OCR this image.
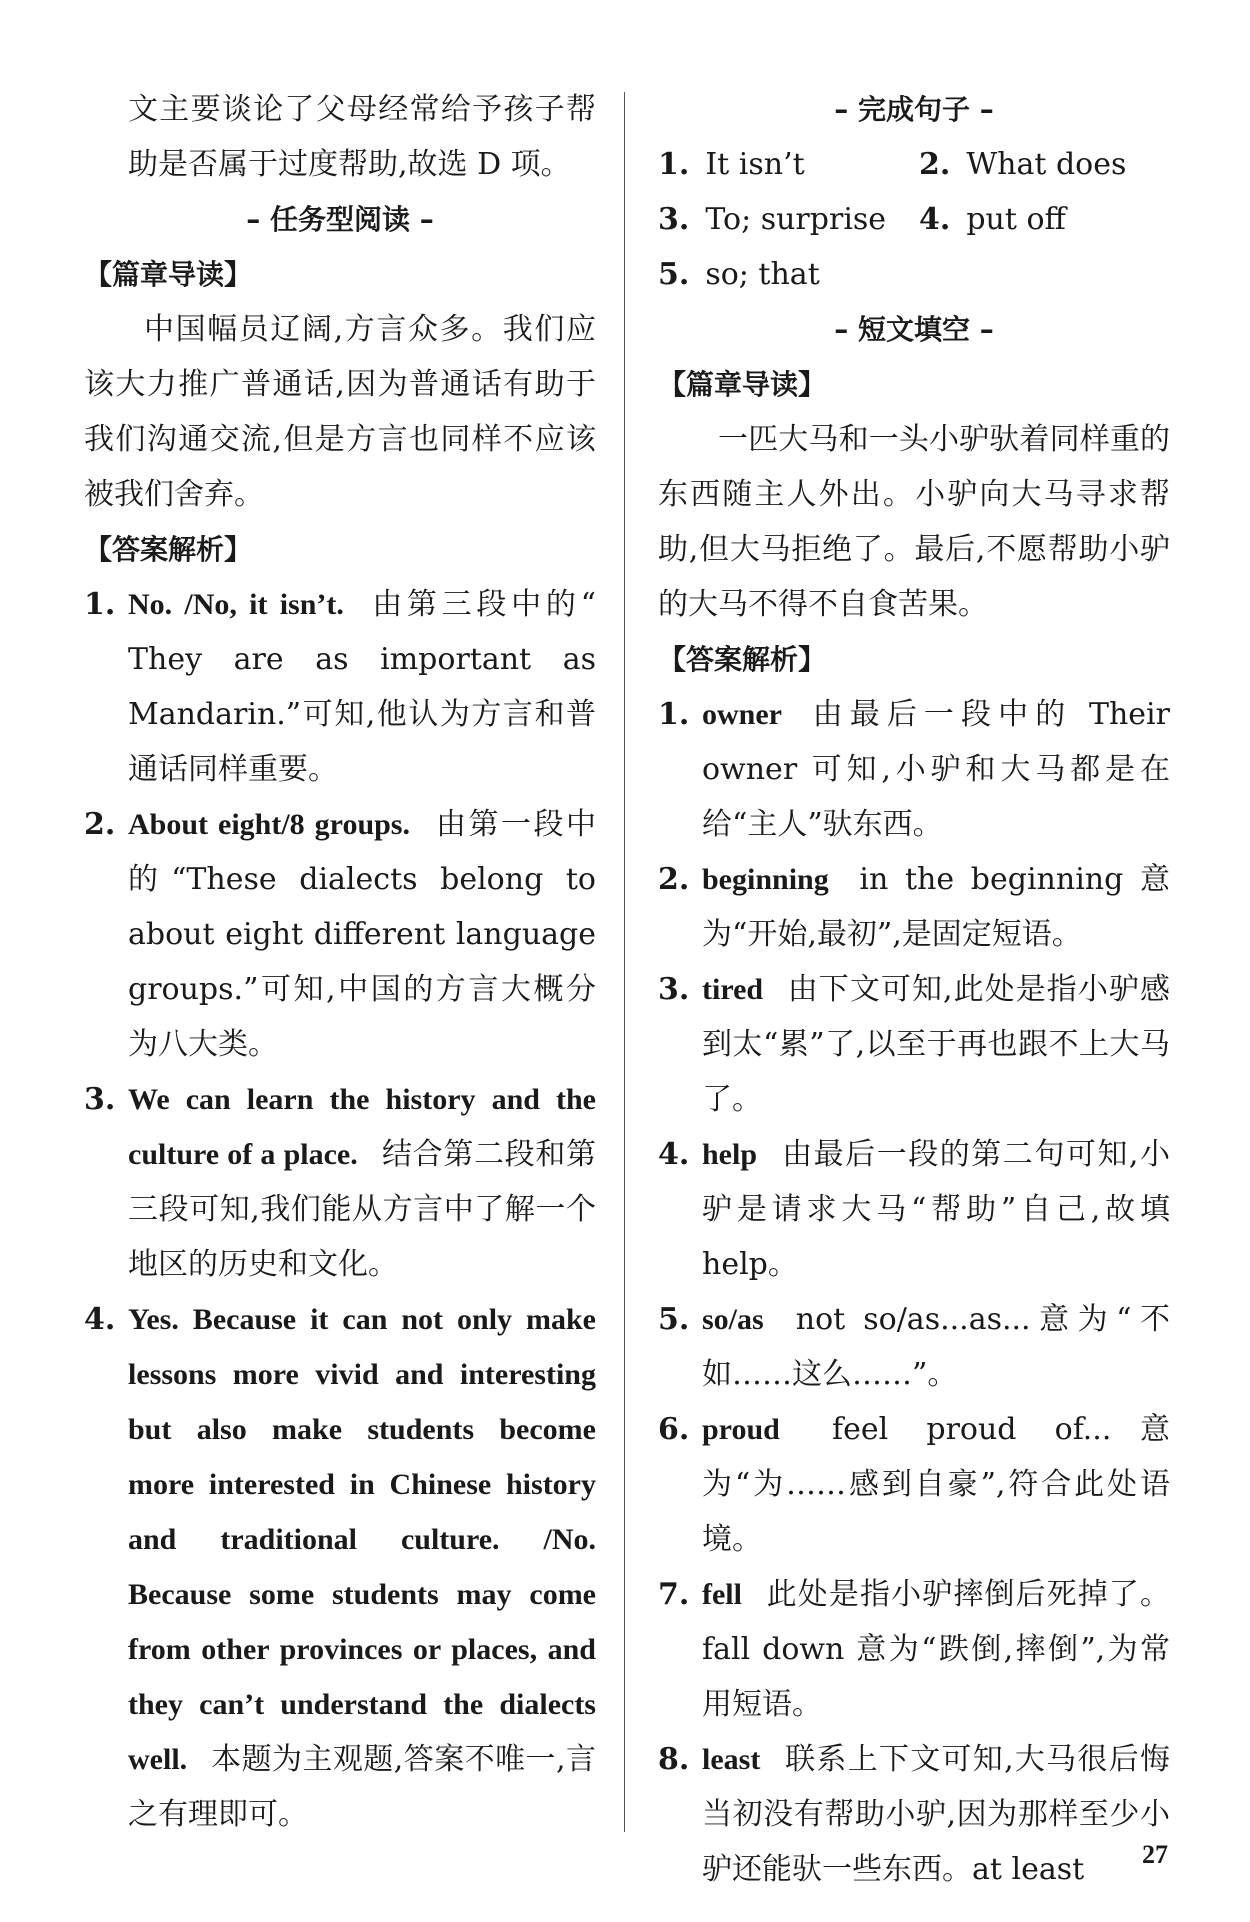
文主要谈论了父母经常给予孩子帮助是否属于过度帮助,故选 D 项。
– 任务型阅读 –
【篇章导读】
中国幅员辽阔,方言众多。我们应该大力推广普通话,因为普通话有助于我们沟通交流,但是方言也同样不应该被我们舍弃。
【答案解析】
1. No. /No, it isn’t. 由第三段中的“ They are as important as Mandarin.”可知,他认为方言和普通话同样重要。
2. About eight/8 groups. 由第一段中的“These dialects belong to about eight different language groups.”可知,中国的方言大概分为八大类。
3. We can learn the history and the culture of a place. 结合第二段和第三段可知,我们能从方言中了解一个地区的历史和文化。
4. Yes. Because it can not only make lessons more vivid and interesting but also make students become more interested in Chinese history and traditional culture. /No. Because some students may come from other provinces or places, and they can’t understand the dialects well. 本题为主观题,答案不唯一,言之有理即可。
– 完成句子 –
1. It isn’t	2. What does
3. To; surprise	4. put off
5. so; that
– 短文填空 –
【篇章导读】
一匹大马和一头小驴驮着同样重的东西随主人外出。小驴向大马寻求帮助,但大马拒绝了。最后,不愿帮助小驴的大马不得不自食苦果。
【答案解析】
1. owner 由最后一段中的 Their owner 可知,小驴和大马都是在给“主人”驮东西。
2. beginning in the beginning 意为“开始,最初”,是固定短语。
3. tired 由下文可知,此处是指小驴感到太“累”了,以至于再也跟不上大马了。
4. help 由最后一段的第二句可知,小驴是请求大马“帮助”自己,故填 help。
5. so/as not so/as...as...意为“不如……这么……”。
6. proud feel proud of...意为“为……感到自豪”,符合此处语境。
7. fell 此处是指小驴摔倒后死掉了。fall down 意为“跌倒,摔倒”,为常用短语。
8. least 联系上下文可知,大马很后悔当初没有帮助小驴,因为那样至少小驴还能驮一些东西。at least	27
